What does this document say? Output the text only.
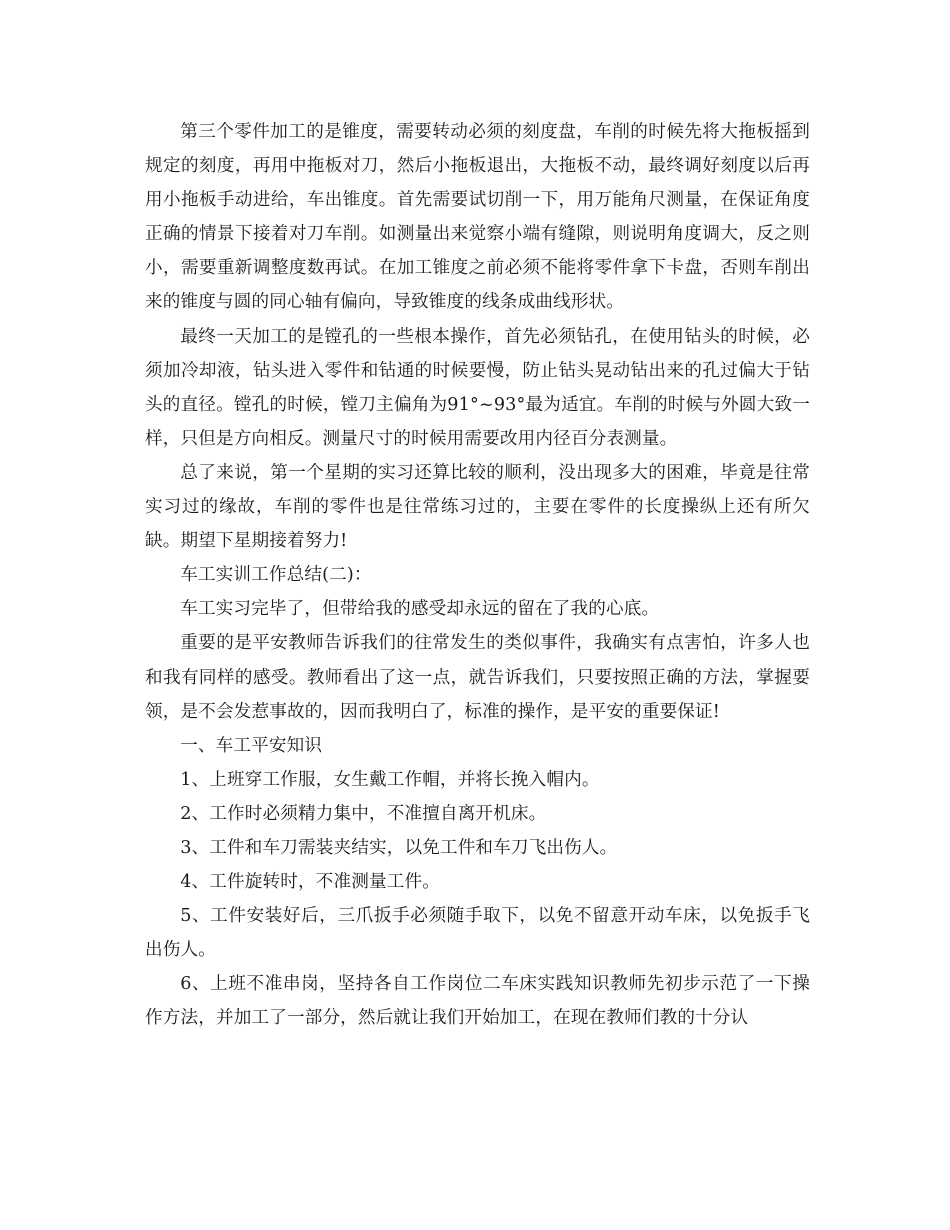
第三个零件加工的是锥度，需要转动必须的刻度盘，车削的时候先将大拖板摇到规定的刻度，再用中拖板对刀，然后小拖板退出，大拖板不动，最终调好刻度以后再用小拖板手动进给，车出锥度。首先需要试切削一下，用万能角尺测量，在保证角度正确的情景下接着对刀车削。如测量出来觉察小端有缝隙，则说明角度调大，反之则小，需要重新调整度数再试。在加工锥度之前必须不能将零件拿下卡盘，否则车削出来的锥度与圆的同心轴有偏向，导致锥度的线条成曲线形状。

最终一天加工的是镗孔的一些根本操作，首先必须钻孔，在使用钻头的时候，必须加冷却液，钻头进入零件和钻通的时候要慢，防止钻头晃动钻出来的孔过偏大于钻头的直径。镗孔的时候，镗刀主偏角为91°~93°最为适宜。车削的时候与外圆大致一样，只但是方向相反。测量尺寸的时候用需要改用内径百分表测量。

总了来说，第一个星期的实习还算比较的顺利，没出现多大的困难，毕竟是往常实习过的缘故，车削的零件也是往常练习过的，主要在零件的长度操纵上还有所欠缺。期望下星期接着努力!

车工实训工作总结(二)：

车工实习完毕了，但带给我的感受却永远的留在了我的心底。

重要的是平安教师告诉我们的往常发生的类似事件，我确实有点害怕，许多人也和我有同样的感受。教师看出了这一点，就告诉我们，只要按照正确的方法，掌握要领，是不会发惹事故的，因而我明白了，标准的操作，是平安的重要保证!

一、车工平安知识

1、上班穿工作服，女生戴工作帽，并将长挽入帽内。

2、工作时必须精力集中，不准擅自离开机床。

3、工件和车刀需装夹结实，以免工件和车刀飞出伤人。

4、工件旋转时，不准测量工件。

5、工件安装好后，三爪扳手必须随手取下，以免不留意开动车床，以免扳手飞出伤人。

6、上班不准串岗，坚持各自工作岗位二车床实践知识教师先初步示范了一下操作方法，并加工了一部分，然后就让我们开始加工，在现在教师们教的十分认
